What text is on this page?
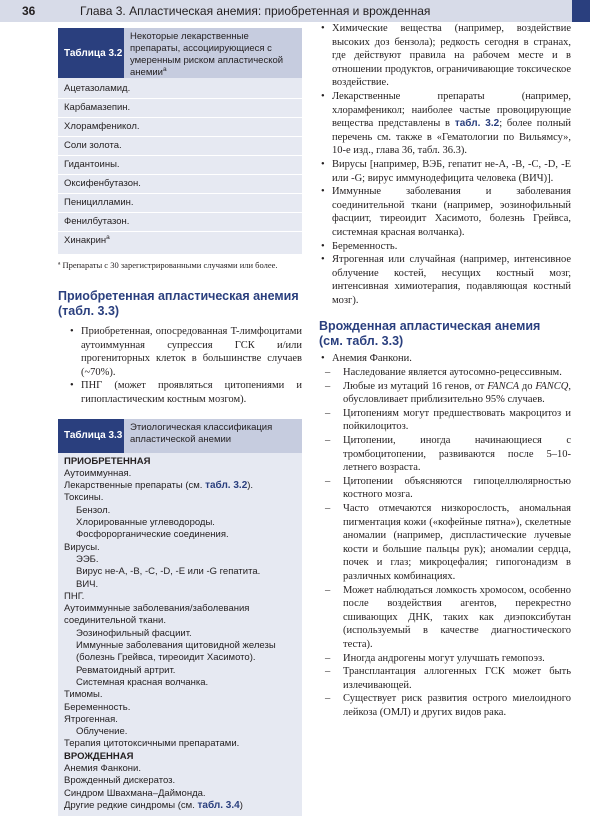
36	Глава 3. Апластическая анемия: приобретенная и врожденная
Таблица 3.2
Некоторые лекарственные препараты, ассоциирующиеся с умеренным риском апластической анемии$^a$
Ацетазоламид.
Карбамазепин.
Хлорамфеникол.
Соли золота.
Гидантоины.
Оксифенбутазон.
Пеницилламин.
Фенилбутазон.
Хинакрин$^a$

ª Препараты с 30 зарегистрированными случаями или более.

Приобретенная апластическая анемия
(табл. 3.3)
• Приобретенная, опосредованная T-лимфоцитами аутоиммунная супрессия ГСК и/или прогениторных клеток в большинстве случаев (~70%).
• ПНГ (может проявляться цитопениями и гипопластическим костным мозгом).
Таблица 3.3
Этиологическая классификация апластической анемии
ПРИОБРЕТЕННАЯ
Аутоиммунная.
Лекарственные препараты (см. табл. 3.2).
Токсины.
Бензол.
Хлорированные углеводороды.
Фосфорорганические соединения.
Вирусы.
ЭЭБ.
Вирус не-A, -B, -C, -D, -E или -G гепатита.
ВИЧ.
ПНГ.
Аутоиммунные заболевания/заболевания соединительной ткани.
Эозинофильный фасциит.
Иммунные заболевания щитовидной железы (болезнь Грейвса, тиреоидит Хасимото).
Ревматоидный артрит.
Системная красная волчанка.
Тимомы.
Беременность.
Ятрогенная.
Облучение.
Терапия цитотоксичными препаратами.
ВРОЖДЕННАЯ
Анемия Фанкони.
Врожденный дискератоз.
Синдром Швахмана–Даймонда.
Другие редкие синдромы (см. табл. 3.4)
• Химические вещества (например, воздействие высоких доз бензола); редкость сегодня в странах, где действуют правила на рабочем месте и в отношении продуктов, ограничивающие токсическое воздействие.
• Лекарственные препараты (например, хлорамфеникол; наиболее частые провоцирующие вещества представлены в табл. 3.2; более полный перечень см. также в «Гематологии по Вильямсу», 10-е изд., глава 36, табл. 36.3).
• Вирусы [например, ВЭБ, гепатит не-A, -B, -C, -D, -E или -G; вирус иммунодефицита человека (ВИЧ)].
• Иммунные заболевания и заболевания соединительной ткани (например, эозинофильный фасциит, тиреоидит Хасимото, болезнь Грейвса, системная красная волчанка).
• Беременность.
• Ятрогенная или случайная (например, интенсивное облучение костей, несущих костный мозг, интенсивная химиотерапия, подавляющая костный мозг).
Врожденная апластическая анемия
(см. табл. 3.3)
• Анемия Фанкони.
– Наследование является аутосомно-рецессивным.
– Любые из мутаций 16 генов, от FANCA до FANCQ, обусловливает приблизительно 95% случаев.
– Цитопениям могут предшествовать макроцитоз и пойкилоцитоз.
– Цитопении, иногда начинающиеся с тромбоцитопении, развиваются после 5–10-летнего возраста.
– Цитопении объясняются гипоцеллюлярностью костного мозга.
– Часто отмечаются низкорослость, аномальная пигментация кожи («кофейные пятна»), скелетные аномалии (например, диспластические лучевые кости и большие пальцы рук); аномалии сердца, почек и глаз; микроцефалия; гипогонадизм в различных комбинациях.
– Может наблюдаться ломкость хромосом, особенно после воздействия агентов, перекрестно сшивающих ДНК, таких как диэпоксибутан (используемый в качестве диагностического теста).
– Иногда андрогены могут улучшать гемопоэз.
– Трансплантация аллогенных ГСК может быть излечивающей.
– Существует риск развития острого миелоидного лейкоза (ОМЛ) и других видов рака.
